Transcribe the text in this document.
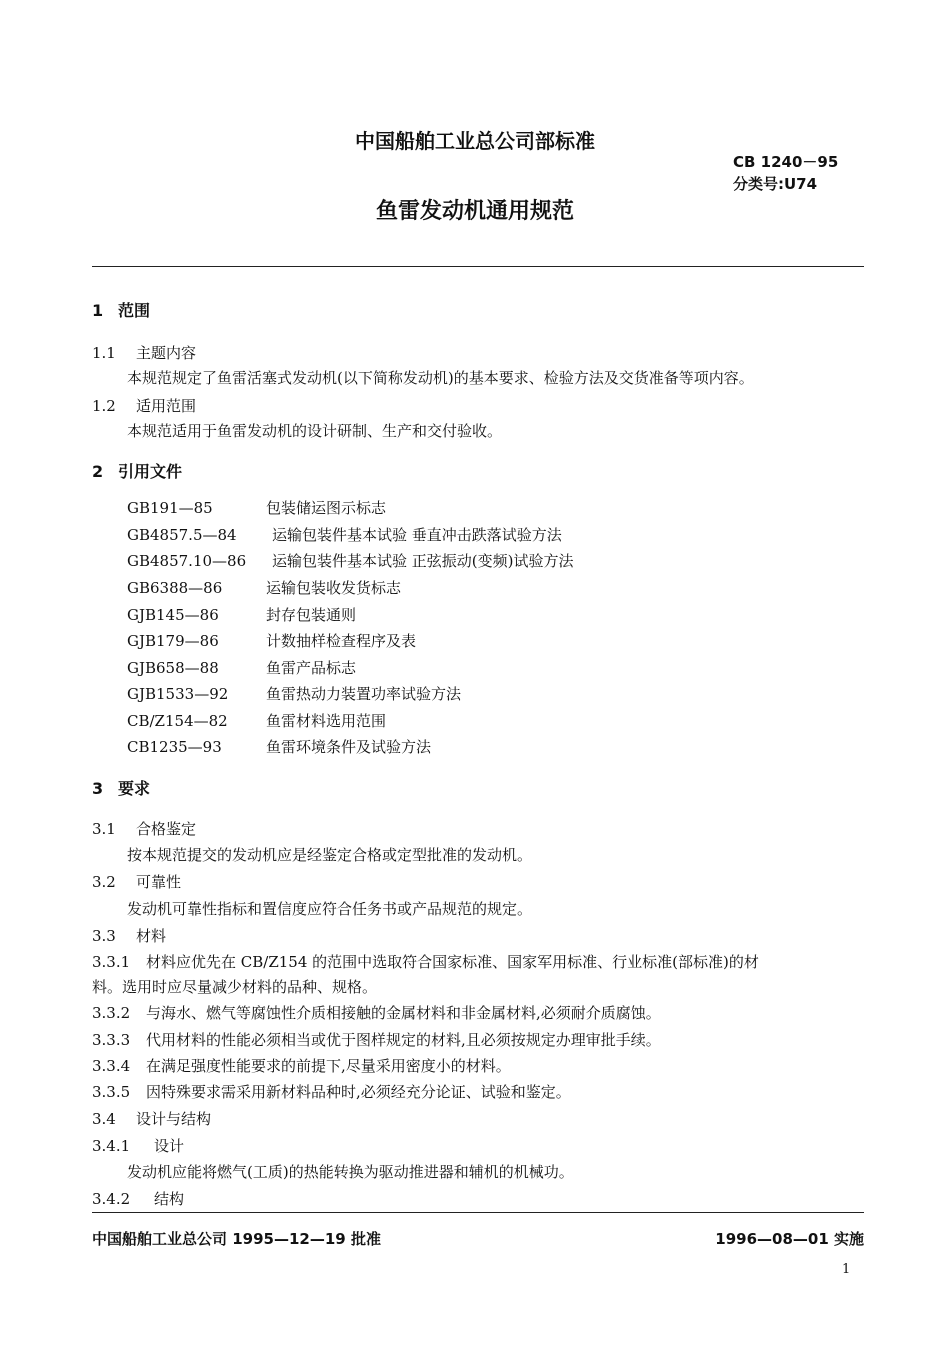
中国船舶工业总公司部标准
CB 1240－95
分类号:U74
鱼雷发动机通用规范
1 范围
1.1 主题内容
本规范规定了鱼雷活塞式发动机(以下简称发动机)的基本要求、检验方法及交货准备等项内容。
1.2 适用范围
本规范适用于鱼雷发动机的设计研制、生产和交付验收。
2 引用文件
GB191—85	包装储运图示标志
GB4857.5—84 运输包装件基本试验 垂直冲击跌落试验方法
GB4857.10—86 运输包装件基本试验 正弦振动(变频)试验方法
GB6388—86	运输包装收发货标志
GJB145—86	封存包装通则
GJB179—86	计数抽样检查程序及表
GJB658—88	鱼雷产品标志
GJB1533—92	鱼雷热动力装置功率试验方法
CB/Z154—82	鱼雷材料选用范围
CB1235—93	鱼雷环境条件及试验方法
3 要求
3.1 合格鉴定
按本规范提交的发动机应是经鉴定合格或定型批准的发动机。
3.2 可靠性
发动机可靠性指标和置信度应符合任务书或产品规范的规定。
3.3 材料
3.3.1 材料应优先在 CB/Z154 的范围中选取符合国家标准、国家军用标准、行业标准(部标准)的材
料。选用时应尽量减少材料的品种、规格。
3.3.2 与海水、燃气等腐蚀性介质相接触的金属材料和非金属材料,必须耐介质腐蚀。
3.3.3 代用材料的性能必须相当或优于图样规定的材料,且必须按规定办理审批手续。
3.3.4 在满足强度性能要求的前提下,尽量采用密度小的材料。
3.3.5 因特殊要求需采用新材料品种时,必须经充分论证、试验和鉴定。
3.4 设计与结构
3.4.1 设计
发动机应能将燃气(工质)的热能转换为驱动推进器和辅机的机械功。
3.4.2 结构
中国船舶工业总公司 1995—12—19 批准	1996—08—01 实施
1
